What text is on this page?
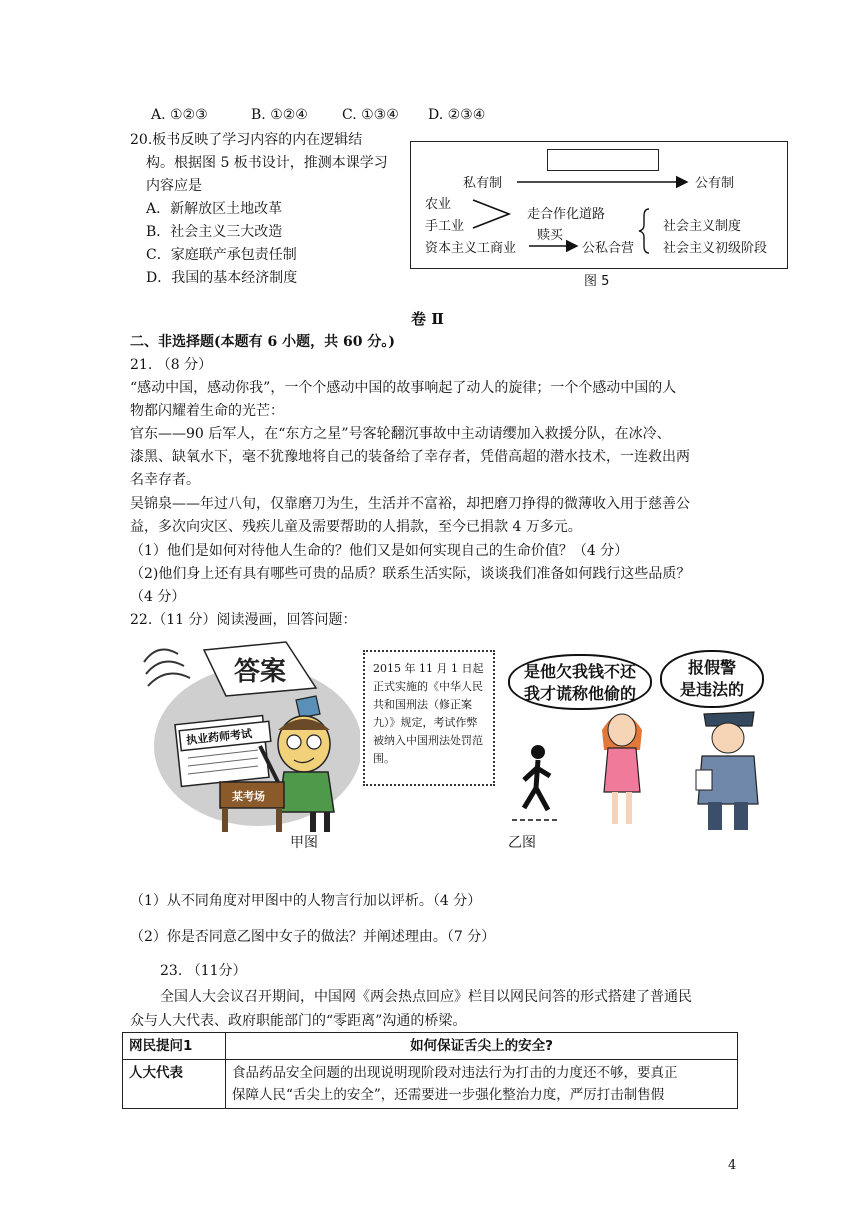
A. ①②③	B. ①②④ C. ①③④ D. ②③④
20.板书反映了学习内容的内在逻辑结
构。根据图 5 板书设计，推测本课学习
内容应是
A．新解放区土地改革
B．社会主义三大改造
C．家庭联产承包责任制
D．我国的基本经济制度
私有制	公有制
农业
手工业
资本主义工商业
走合作化道路
赎买
公私合营
社会主义制度
社会主义初级阶段
图 5
卷 Ⅱ
二、非选择题(本题有 6 小题，共 60 分。)
21. （8 分）
“感动中国，感动你我”，一个个感动中国的故事响起了动人的旋律；一个个感动中国的人
物都闪耀着生命的光芒：
官东——90 后军人，在“东方之星”号客轮翻沉事故中主动请缨加入救援分队，在冰冷、
漆黑、缺氧水下，毫不犹豫地将自己的装备给了幸存者，凭借高超的潜水技术，一连救出两
名幸存者。
吴锦泉——年过八旬，仅靠磨刀为生，生活并不富裕，却把磨刀挣得的微薄收入用于慈善公
益，多次向灾区、残疾儿童及需要帮助的人捐款，至今已捐款 4 万多元。
（1）他们是如何对待他人生命的？他们又是如何实现自己的生命价值？（4 分）
（2)他们身上还有具有哪些可贵的品质？联系生活实际，谈谈我们准备如何践行这些品质？
（4 分）
22.（11 分）阅读漫画，回答问题：
答案
执业药师考试
某考场
2015 年 11 月 1 日起正式实施的《中华人民共和国刑法（修正案九）》规定，考试作弊被纳入中国刑法处罚范围。
是他欠我钱不还
我才谎称他偷的
报假警
是违法的
甲图	乙图
（1）从不同角度对甲图中的人物言行加以评析。（4 分）
（2）你是否同意乙图中女子的做法？并阐述理由。（7 分）
23. （11分）
全国人大会议召开期间，中国网《两会热点回应》栏目以网民问答的形式搭建了普通民
众与人大代表、政府职能部门的“零距离”沟通的桥梁。
网民提问1	如何保证舌尖上的安全?
人大代表	食品药品安全问题的出现说明现阶段对违法行为打击的力度还不够，要真正
保障人民“舌尖上的安全”，还需要进一步强化整治力度，严厉打击制售假
4
